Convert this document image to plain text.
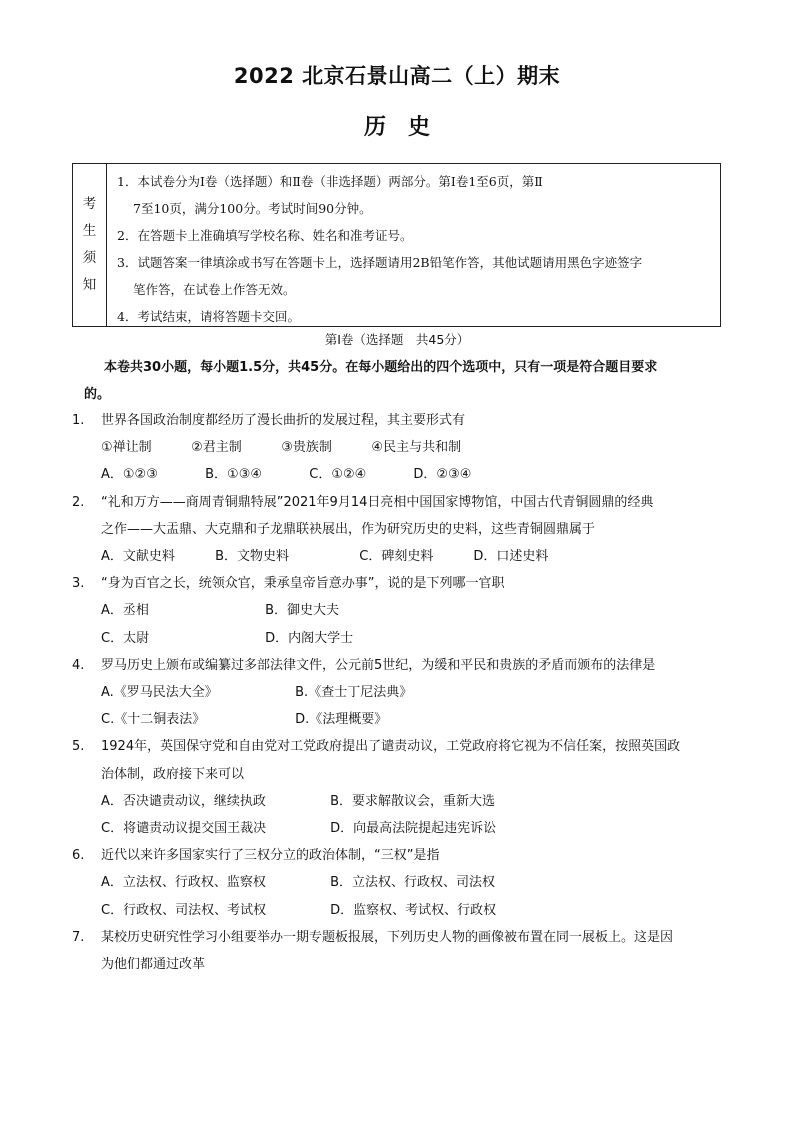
2022 北京石景山高二（上）期末
历　史
考
生
须
知
1．本试卷分为Ⅰ卷（选择题）和Ⅱ卷（非选择题）两部分。第Ⅰ卷1至6页，第Ⅱ
7至10页，满分100分。考试时间90分钟。
2．在答题卡上准确填写学校名称、姓名和准考证号。
3．试题答案一律填涂或书写在答题卡上，选择题请用2B铅笔作答，其他试题请用黑色字迹签字
笔作答，在试卷上作答无效。
4．考试结束，请将答题卡交回。
第Ⅰ卷（选择题　共45分）
本卷共30小题，每小题1.5分，共45分。在每小题给出的四个选项中，只有一项是符合题目要求
的。
1. 世界各国政治制度都经历了漫长曲折的发展过程，其主要形式有
①禅让制	②君主制	③贵族制	④民主与共和制
A．①②③	B．①③④	C．①②④	D．②③④
2. “礼和万方——商周青铜鼎特展”2021年9月14日亮相中国国家博物馆，中国古代青铜圆鼎的经典
之作——大盂鼎、大克鼎和子龙鼎联袂展出，作为研究历史的史料，这些青铜圆鼎属于
A．文献史料	B．文物史料	C．碑刻史料	D．口述史料
3. “身为百官之长，统领众官，秉承皇帝旨意办事”，说的是下列哪一官职
A．丞相	B．御史大夫
C．太尉	D．内阁大学士
4. 罗马历史上颁布或编纂过多部法律文件，公元前5世纪，为缓和平民和贵族的矛盾而颁布的法律是
A.《罗马民法大全》	B.《查士丁尼法典》
C.《十二铜表法》	D.《法理概要》
5. 1924年，英国保守党和自由党对工党政府提出了谴责动议，工党政府将它视为不信任案，按照英国政
治体制，政府接下来可以
A．否决谴责动议，继续执政	B．要求解散议会，重新大选
C．将谴责动议提交国王裁决	D．向最高法院提起违宪诉讼
6. 近代以来许多国家实行了三权分立的政治体制，“三权”是指
A．立法权、行政权、监察权	B．立法权、行政权、司法权
C．行政权、司法权、考试权	D．监察权、考试权、行政权
7. 某校历史研究性学习小组要举办一期专题板报展，下列历史人物的画像被布置在同一展板上。这是因
为他们都通过改革
